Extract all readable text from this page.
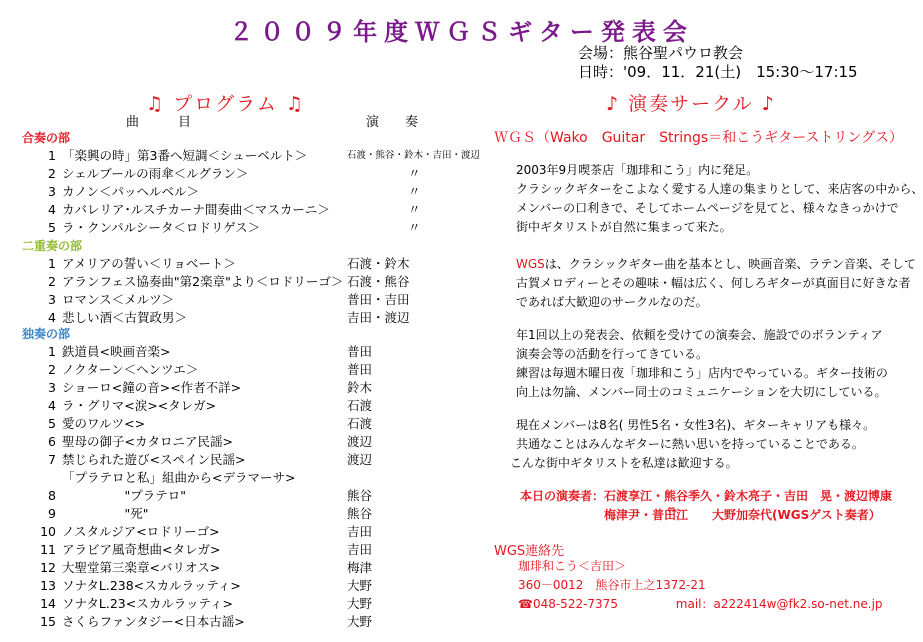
２００９年度ＷＧＳギター発表会
会場：熊谷聖パウロ教会
日時：'09．11．21(土)　15:30～17:15
♫ プログラム ♫
曲　　　目	演　　奏
合奏の部
1 「楽興の時」第3番へ短調＜シューベルト＞	石渡・熊谷・鈴木・吉田・渡辺
2 シェルブールの雨傘＜ルグラン＞	〃
3 カノン＜パッヘルベル＞	〃
4 カバレリア･ルスチカーナ間奏曲＜マスカーニ＞	〃
5 ラ・クンパルシータ＜ロドリゲス＞	〃
二重奏の部
1 アメリアの誓い＜リョベート＞	石渡・鈴木
2 アランフェス協奏曲"第2楽章"より＜ロドリーゴ＞ 石渡・熊谷
3 ロマンス＜メルツ＞	普田・吉田
4 悲しい酒＜古賀政男＞	吉田・渡辺
独奏の部
1 鉄道員<映画音楽>	普田
2 ノクターン＜ヘンツエ＞	普田
3 ショーロ<鐘の音><作者不詳>	鈴木
4 ラ・グリマ<涙><タレガ>	石渡
5 愛のワルツ<>	石渡
6 聖母の御子<カタロニア民謡>	渡辺
7 禁じられた遊び<スペイン民謡>	渡辺
「プラテロと私」組曲から<デラマーサ>
8 　　　　　"プラテロ"	熊谷
9 　　　　　"死"	熊谷
10 ノスタルジア<ロドリーゴ>	吉田
11 アラビア風奇想曲<タレガ>	吉田
12 大聖堂第三楽章<バリオス>	梅津
13 ソナタL.238<スカルラッティ>	大野
14 ソナタL.23<スカルラッティ>	大野
15 さくらファンタジー<日本古謡>	大野
♪ 演奏サークル ♪
ＷＧＳ（Wako　Guitar　Strings＝和こうギターストリングス）
2003年9月喫茶店「珈琲和こう」内に発足。
クラシックギターをこよなく愛する人達の集まりとして、来店客の中から、
メンバーの口利きで、そしてホームページを見てと、様々なきっかけで
街中ギタリストが自然に集まって来た。
WGSは、クラシックギター曲を基本とし、映画音楽、ラテン音楽、そして
古賀メロディーとその趣味・幅は広く、何しろギターが真面目に好きな者
であれば大歓迎のサークルなのだ。
年1回以上の発表会、依頼を受けての演奏会、施設でのボランティア
演奏会等の活動を行ってきている。
練習は毎週木曜日夜「珈琲和こう」店内でやっている。ギター技術の
向上は勿論、メンバー同士のコミュニケーションを大切にしている。
現在メンバーは8名( 男性5名・女性3名)、ギターキャリアも様々。
共通なことはみんなギターに熱い思いを持っていることである。
こんな街中ギタリストを私達は歓迎する。
本日の演奏者：石渡享江・熊谷季久・鈴木亮子・吉田　晃・渡辺博康
梅津尹・普田໊江　　大野加奈代(WGSゲスト奏者）
WGS連絡先
珈琲和こう＜吉田＞
360－0012　熊谷市上之1372-21
☎048-522-7375	mail：a222414w@fk2.so-net.ne.jp
